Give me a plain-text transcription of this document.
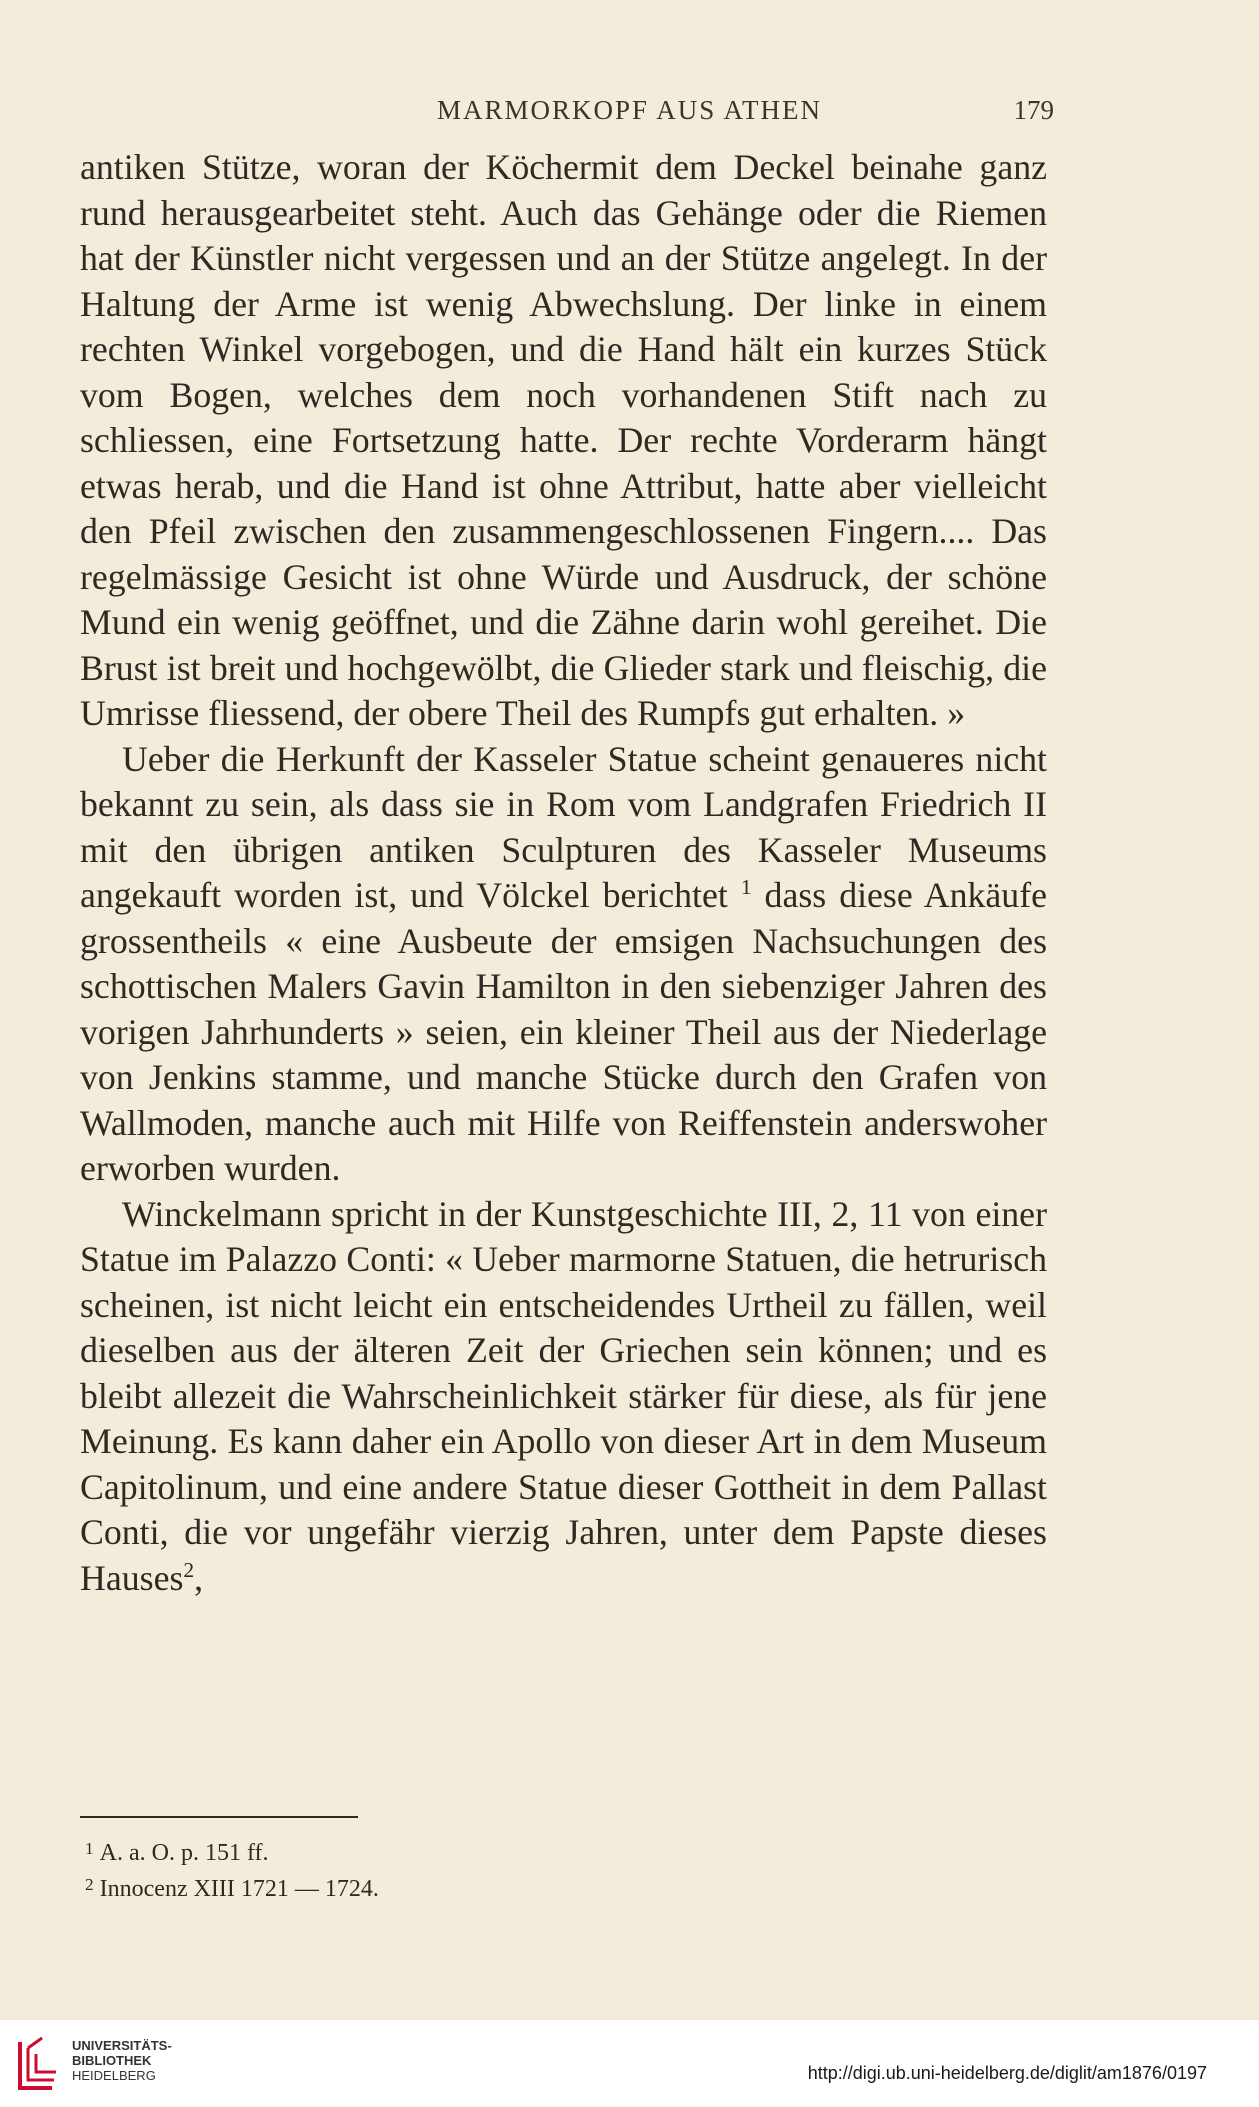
MARMORKOPF AUS ATHEN	179

antiken Stütze, woran der Köchermit dem Deckel beinahe ganz rund herausgearbeitet steht. Auch das Gehänge oder die Riemen hat der Künstler nicht vergessen und an der Stütze angelegt. In der Haltung der Arme ist wenig Abwechslung. Der linke in einem rechten Winkel vorgebogen, und die Hand hält ein kurzes Stück vom Bogen, welches dem noch vorhandenen Stift nach zu schliessen, eine Fortsetzung hatte. Der rechte Vorderarm hängt etwas herab, und die Hand ist ohne Attribut, hatte aber vielleicht den Pfeil zwischen den zusammengeschlossenen Fingern.... Das regelmässige Gesicht ist ohne Würde und Ausdruck, der schöne Mund ein wenig geöffnet, und die Zähne darin wohl gereihet. Die Brust ist breit und hochgewölbt, die Glieder stark und fleischig, die Umrisse fliessend, der obere Theil des Rumpfs gut erhalten. »

Ueber die Herkunft der Kasseler Statue scheint genaueres nicht bekannt zu sein, als dass sie in Rom vom Landgrafen Friedrich II mit den übrigen antiken Sculpturen des Kasseler Museums angekauft worden ist, und Völckel berichtet $^1$ dass diese Ankäufe grossentheils « eine Ausbeute der emsigen Nachsuchungen des schottischen Malers Gavin Hamilton in den siebenziger Jahren des vorigen Jahrhunderts » seien, ein kleiner Theil aus der Niederlage von Jenkins stamme, und manche Stücke durch den Grafen von Wallmoden, manche auch mit Hilfe von Reiffenstein anderswoher erworben wurden.

Winckelmann spricht in der Kunstgeschichte III, 2, 11 von einer Statue im Palazzo Conti: « Ueber marmorne Statuen, die hetrurisch scheinen, ist nicht leicht ein entscheidendes Urtheil zu fällen, weil dieselben aus der älteren Zeit der Griechen sein können; und es bleibt allezeit die Wahrscheinlichkeit stärker für diese, als für jene Meinung. Es kann daher ein Apollo von dieser Art in dem Museum Capitolinum, und eine andere Statue dieser Gottheit in dem Pallast Conti, die vor ungefähr vierzig Jahren, unter dem Papste dieses Hauses$^2$,

$^1$ A. a. O. p. 151 ff.

$^2$ Innocenz XIII 1721 — 1724.

UNIVERSITÄTS-
BIBLIOTHEK
HEIDELBERG	http://digi.ub.uni-heidelberg.de/diglit/am1876/0197
